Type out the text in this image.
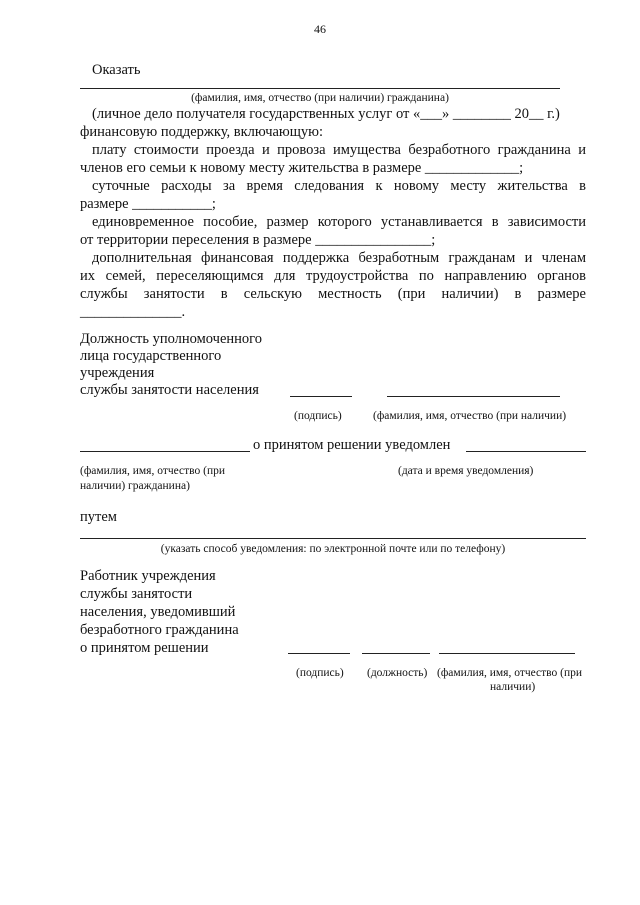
46
Оказать
(фамилия, имя, отчество (при наличии) гражданина)
(личное дело получателя государственных услуг от «___» ________ 20__ г.)
финансовую поддержку, включающую:
плату стоимости проезда и провоза имущества безработного гражданина и
членов его семьи к новому месту жительства в размере _____________;
суточные расходы за время следования к новому месту жительства в
размере ___________;
единовременное пособие, размер которого устанавливается в зависимости
от территории переселения в размере ________________;
дополнительная финансовая поддержка безработным гражданам и членам
их семей, переселяющимся для трудоустройства по направлению органов
службы занятости в сельскую местность (при наличии) в размере
______________.
Должность уполномоченного
лица государственного
учреждения
службы занятости населения
(подпись)	(фамилия, имя, отчество (при наличии)
о принятом решении уведомлен
(фамилия, имя, отчество (при
наличии) гражданина)
(дата и время уведомления)
путем
(указать способ уведомления: по электронной почте или по телефону)
Работник учреждения
службы занятости
населения, уведомивший
безработного гражданина
о принятом решении
(подпись) (должность) (фамилия, имя, отчество (при
наличии)
